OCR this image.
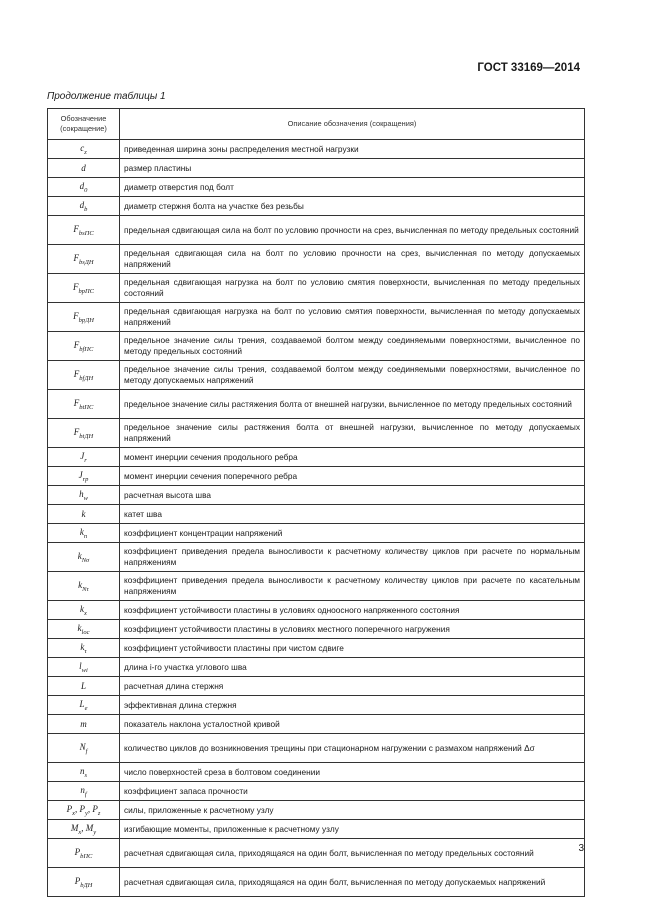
ГОСТ 33169—2014
Продолжение таблицы 1
Обозначение (сокращение)	Описание обозначения (сокращения)
$c_z$	приведенная ширина зоны распределения местной нагрузки
d	размер пластины
$d_0$	диаметр отверстия под болт
$d_b$	диаметр стержня болта на участке без резьбы
$F_{bsПС}$	предельная сдвигающая сила на болт по условию прочности на срез, вычисленная по методу предельных состояний
$F_{bsДН}$	предельная сдвигающая сила на болт по условию прочности на срез, вычисленная по методу допускаемых напряжений
$F_{bpПС}$	предельная сдвигающая нагрузка на болт по условию смятия поверхности, вычисленная по методу предельных состояний
$F_{bpДН}$	предельная сдвигающая нагрузка на болт по условию смятия поверхности, вычисленная по методу допускаемых напряжений
$F_{bfПС}$	предельное значение силы трения, создаваемой болтом между соединяемыми поверхностями, вычисленное по методу предельных состояний
$F_{bfДН}$	предельное значение силы трения, создаваемой болтом между соединяемыми поверхностями, вычисленное по методу допускаемых напряжений
$F_{btПС}$	предельное значение силы растяжения болта от внешней нагрузки, вычисленное по методу предельных состояний
$F_{btДН}$	предельное значение силы растяжения болта от внешней нагрузки, вычисленное по методу допускаемых напряжений
$J_r$	момент инерции сечения продольного ребра
$J_{rp}$	момент инерции сечения поперечного ребра
$h_w$	расчетная высота шва
k	катет шва
$k_n$	коэффициент концентрации напряжений
$k_{N\sigma}$	коэффициент приведения предела выносливости к расчетному количеству циклов при расчете по нормальным напряжениям
$k_{N\tau}$	коэффициент приведения предела выносливости к расчетному количеству циклов при расчете по касательным напряжениям
$k_x$	коэффициент устойчивости пластины в условиях одноосного напряженного состояния
$k_{loc}$	коэффициент устойчивости пластины в условиях местного поперечного нагружения
$k_\tau$	коэффициент устойчивости пластины при чистом сдвиге
$l_{wi}$	длина i-го участка углового шва
L	расчетная длина стержня
$L_e$	эффективная длина стержня
m	показатель наклона усталостной кривой
$N_f$	количество циклов до возникновения трещины при стационарном нагружении с размахом напряжений Δσ
$n_s$	число поверхностей среза в болтовом соединении
$n_f$	коэффициент запаса прочности
$P_x$, $P_y$, $P_z$	силы, приложенные к расчетному узлу
$M_x$, $M_y$	изгибающие моменты, приложенные к расчетному узлу
$P_{bПС}$	расчетная сдвигающая сила, приходящаяся на один болт, вычисленная по методу предельных состояний
$P_{bДН}$	расчетная сдвигающая сила, приходящаяся на один болт, вычисленная по методу допускаемых напряжений
3
